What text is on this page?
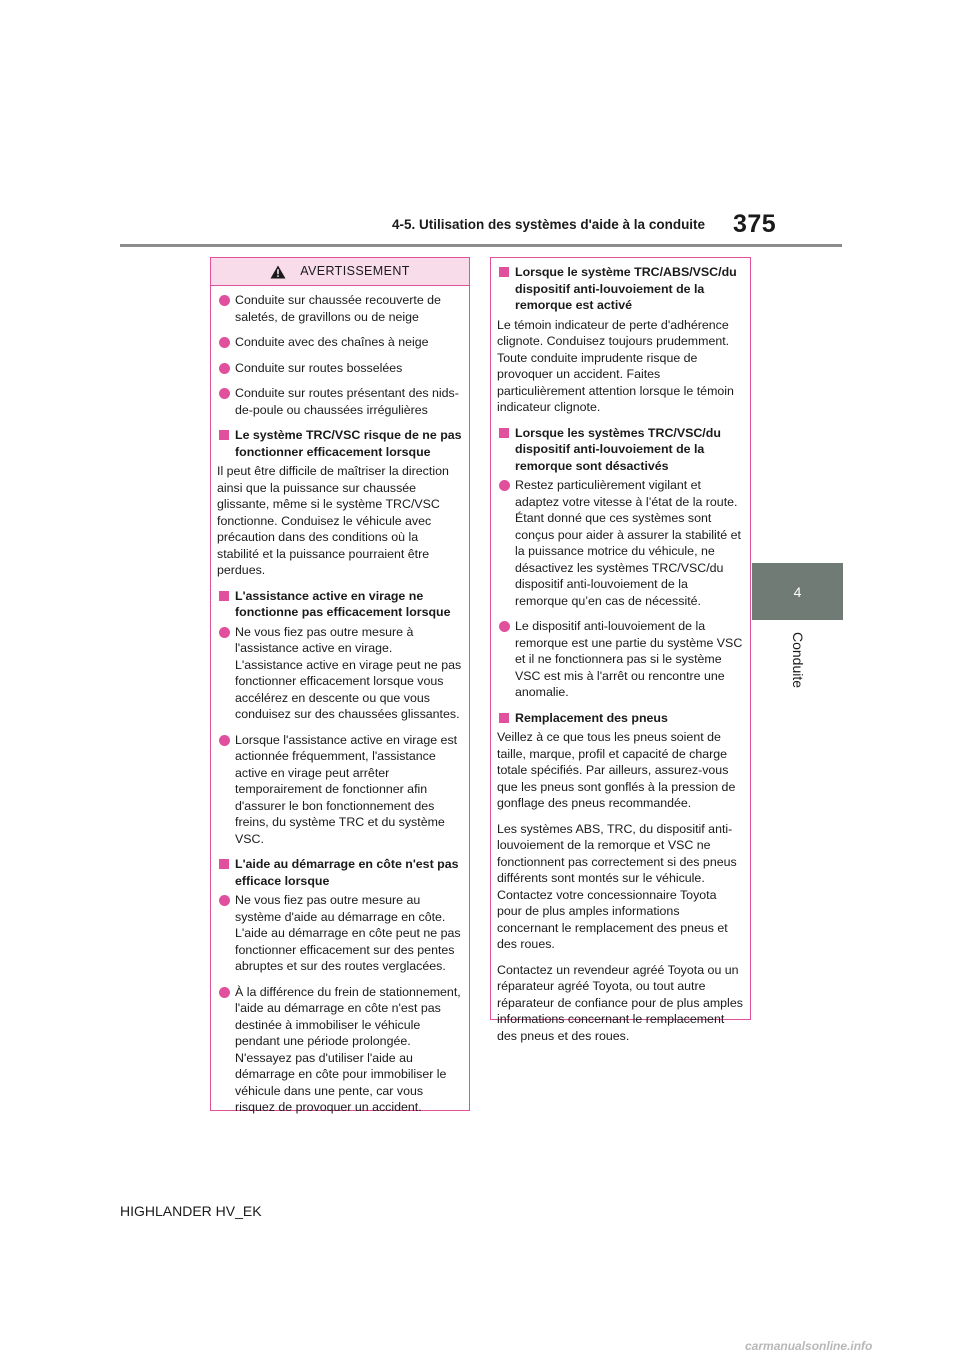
4-5. Utilisation des systèmes d'aide à la conduite 375
4
Conduite
AVERTISSEMENT
Conduite sur chaussée recouverte de saletés, de gravillons ou de neige
Conduite avec des chaînes à neige
Conduite sur routes bosselées
Conduite sur routes présentant des nids-de-poule ou chaussées irrégulières
Le système TRC/VSC risque de ne pas fonctionner efficacement lorsque
Il peut être difficile de maîtriser la direction ainsi que la puissance sur chaussée glissante, même si le système TRC/VSC fonctionne. Conduisez le véhicule avec précaution dans des conditions où la stabilité et la puissance pourraient être perdues.
L'assistance active en virage ne fonctionne pas efficacement lorsque
Ne vous fiez pas outre mesure à l'assistance active en virage. L'assistance active en virage peut ne pas fonctionner efficacement lorsque vous accélérez en descente ou que vous conduisez sur des chaussées glissantes.
Lorsque l'assistance active en virage est actionnée fréquemment, l'assistance active en virage peut arrêter temporairement de fonctionner afin d'assurer le bon fonctionnement des freins, du système TRC et du système VSC.
L'aide au démarrage en côte n'est pas efficace lorsque
Ne vous fiez pas outre mesure au système d'aide au démarrage en côte. L'aide au démarrage en côte peut ne pas fonctionner efficacement sur des pentes abruptes et sur des routes verglacées.
À la différence du frein de stationnement, l'aide au démarrage en côte n'est pas destinée à immobiliser le véhicule pendant une période prolongée. N'essayez pas d'utiliser l'aide au démarrage en côte pour immobiliser le véhicule dans une pente, car vous risquez de provoquer un accident.
Lorsque le système TRC/ABS/VSC/du dispositif anti-louvoiement de la remorque est activé
Le témoin indicateur de perte d'adhérence clignote. Conduisez toujours prudemment. Toute conduite imprudente risque de provoquer un accident. Faites particulièrement attention lorsque le témoin indicateur clignote.
Lorsque les systèmes TRC/VSC/du dispositif anti-louvoiement de la remorque sont désactivés
Restez particulièrement vigilant et adaptez votre vitesse à l’état de la route. Étant donné que ces systèmes sont conçus pour aider à assurer la stabilité et la puissance motrice du véhicule, ne désactivez les systèmes TRC/VSC/du dispositif anti-louvoiement de la remorque qu’en cas de nécessité.
Le dispositif anti-louvoiement de la remorque est une partie du système VSC et il ne fonctionnera pas si le système VSC est mis à l'arrêt ou rencontre une anomalie.
Remplacement des pneus
Veillez à ce que tous les pneus soient de taille, marque, profil et capacité de charge totale spécifiés. Par ailleurs, assurez-vous que les pneus sont gonflés à la pression de gonflage des pneus recommandée.
Les systèmes ABS, TRC, du dispositif anti-louvoiement de la remorque et VSC ne fonctionnent pas correctement si des pneus différents sont montés sur le véhicule. Contactez votre concessionnaire Toyota pour de plus amples informations concernant le remplacement des pneus et des roues.
Contactez un revendeur agréé Toyota ou un réparateur agréé Toyota, ou tout autre réparateur de confiance pour de plus amples informations concernant le remplacement des pneus et des roues.
HIGHLANDER HV_EK
carmanualsonline.info
